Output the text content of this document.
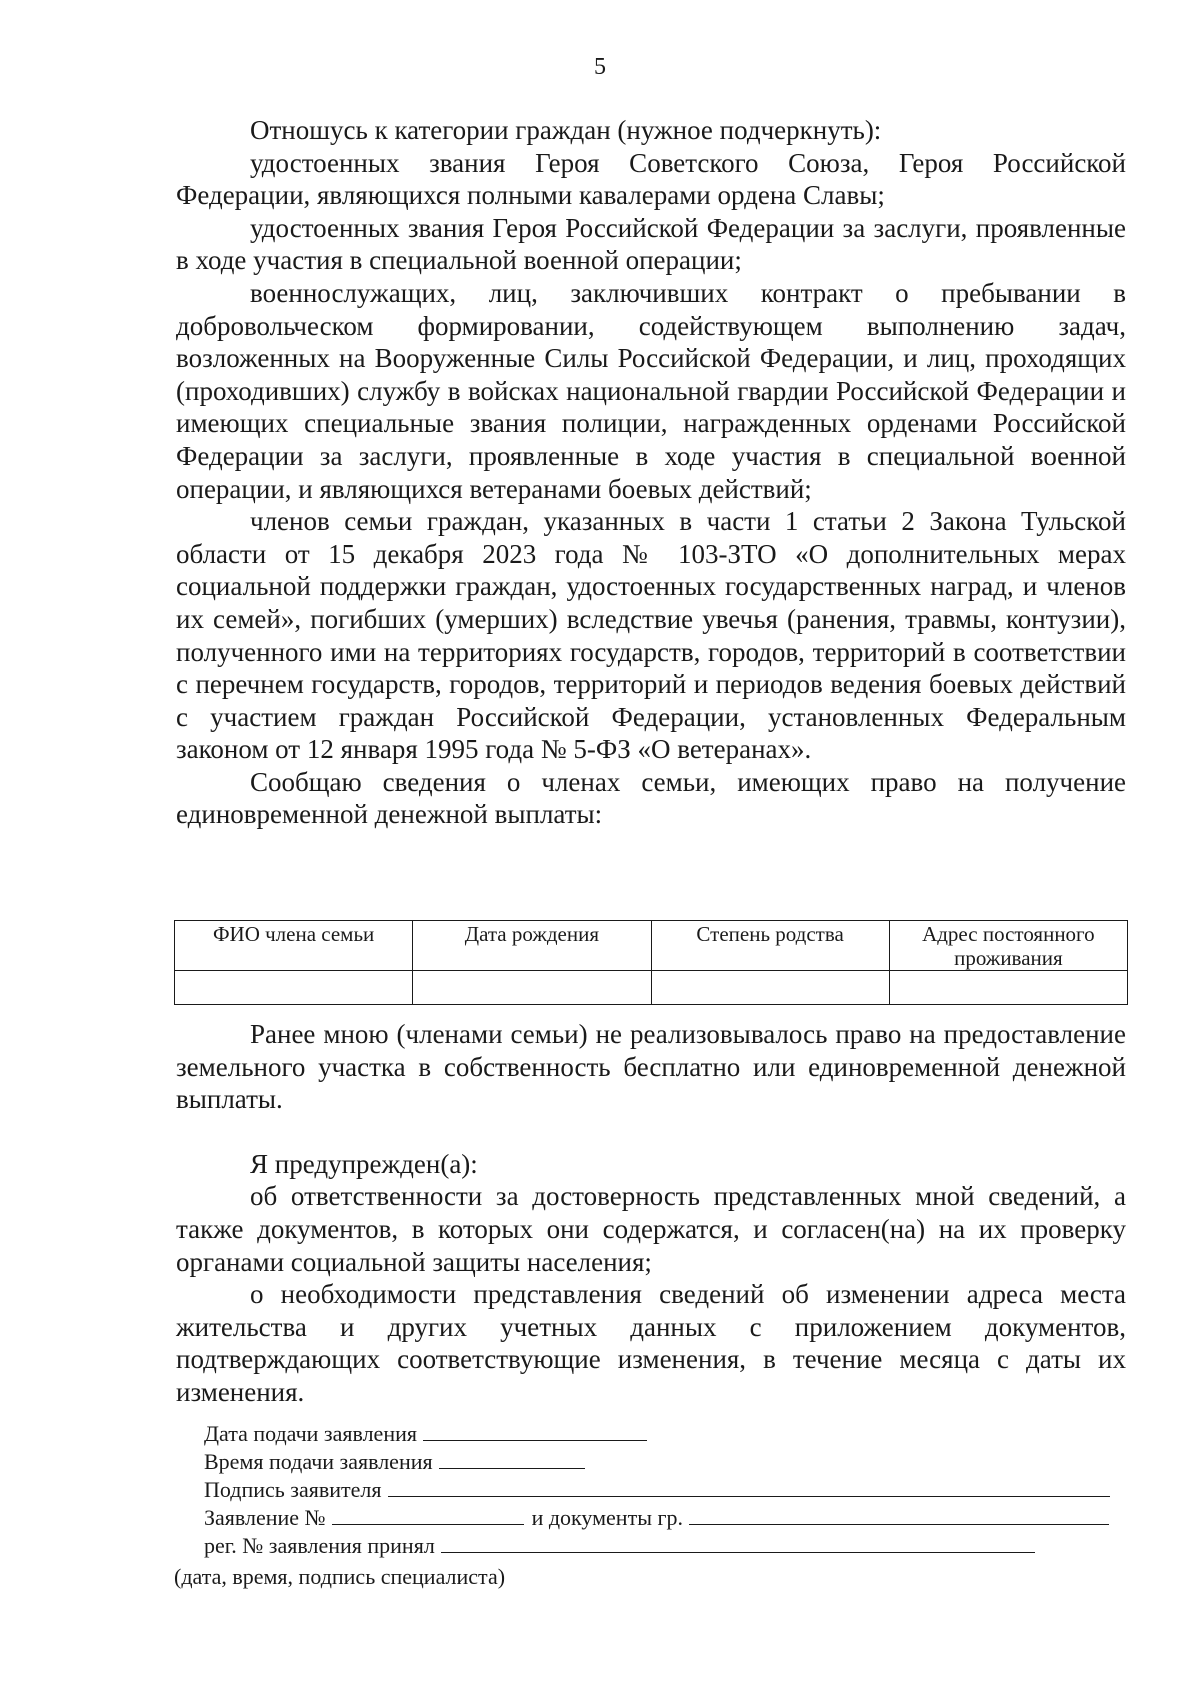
5

Отношусь к категории граждан (нужное подчеркнуть):

удостоенных звания Героя Советского Союза, Героя Российской Федерации, являющихся полными кавалерами ордена Славы;

удостоенных звания Героя Российской Федерации за заслуги, проявленные в ходе участия в специальной военной операции;

военнослужащих, лиц, заключивших контракт о пребывании в добровольческом формировании, содействующем выполнению задач, возложенных на Вооруженные Силы Российской Федерации, и лиц, проходящих (проходивших) службу в войсках национальной гвардии Российской Федерации и имеющих специальные звания полиции, награжденных орденами Российской Федерации за заслуги, проявленные в ходе участия в специальной военной операции, и являющихся ветеранами боевых действий;

членов семьи граждан, указанных в части 1 статьи 2 Закона Тульской области от 15 декабря 2023 года № 103-ЗТО «О дополнительных мерах социальной поддержки граждан, удостоенных государственных наград, и членов их семей», погибших (умерших) вследствие увечья (ранения, травмы, контузии), полученного ими на территориях государств, городов, территорий в соответствии с перечнем государств, городов, территорий и периодов ведения боевых действий с участием граждан Российской Федерации, установленных Федеральным законом от 12 января 1995 года № 5-ФЗ «О ветеранах».

Сообщаю сведения о членах семьи, имеющих право на получение единовременной денежной выплаты:

ФИО члена семьи	Дата рождения	Степень родства	Адрес постоянного проживания

Ранее мною (членами семьи) не реализовывалось право на предоставление земельного участка в собственность бесплатно или единовременной денежной выплаты.

Я предупрежден(а):

об ответственности за достоверность представленных мной сведений, а также документов, в которых они содержатся, и согласен(на) на их проверку органами социальной защиты населения;

о необходимости представления сведений об изменении адреса места жительства и других учетных данных с приложением документов, подтверждающих соответствующие изменения, в течение месяца с даты их изменения.

Дата подачи заявления
Время подачи заявления
Подпись заявителя
Заявление №	и документы гр.
рег. № заявления принял
(дата, время, подпись специалиста)
